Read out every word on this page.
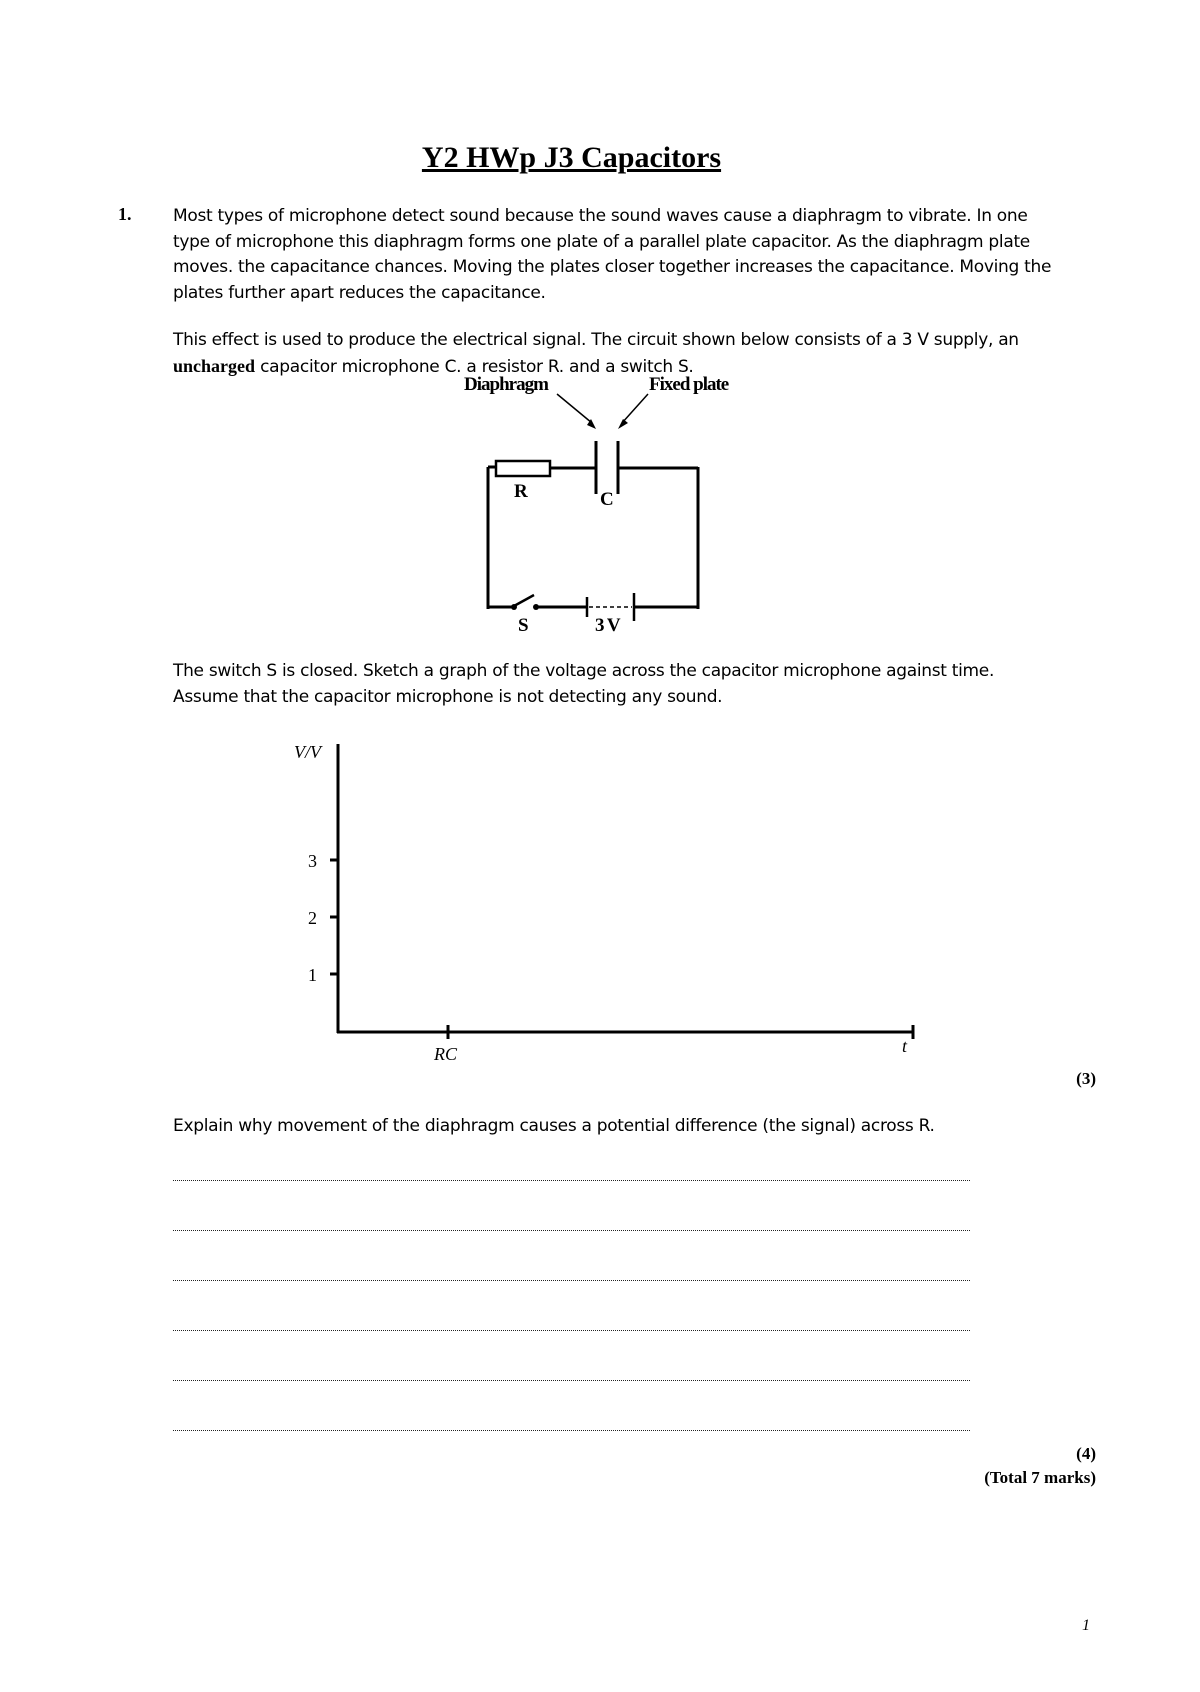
Y2 HWp J3 Capacitors
1. Most types of microphone detect sound because the sound waves cause a diaphragm to vibrate. In one type of microphone this diaphragm forms one plate of a parallel plate capacitor. As the diaphragm plate moves. the capacitance chances. Moving the plates closer together increases the capacitance. Moving the plates further apart reduces the capacitance.
This effect is used to produce the electrical signal. The circuit shown below consists of a 3 V supply, an uncharged capacitor microphone C. a resistor R. and a switch S.
Diaphragm	Fixed plate
R	C
S	3 V
The switch S is closed. Sketch a graph of the voltage across the capacitor microphone against time. Assume that the capacitor microphone is not detecting any sound.
V/V
3
2
1
RC	t
(3)
Explain why movement of the diaphragm causes a potential difference (the signal) across R.
(4)
(Total 7 marks)
1
